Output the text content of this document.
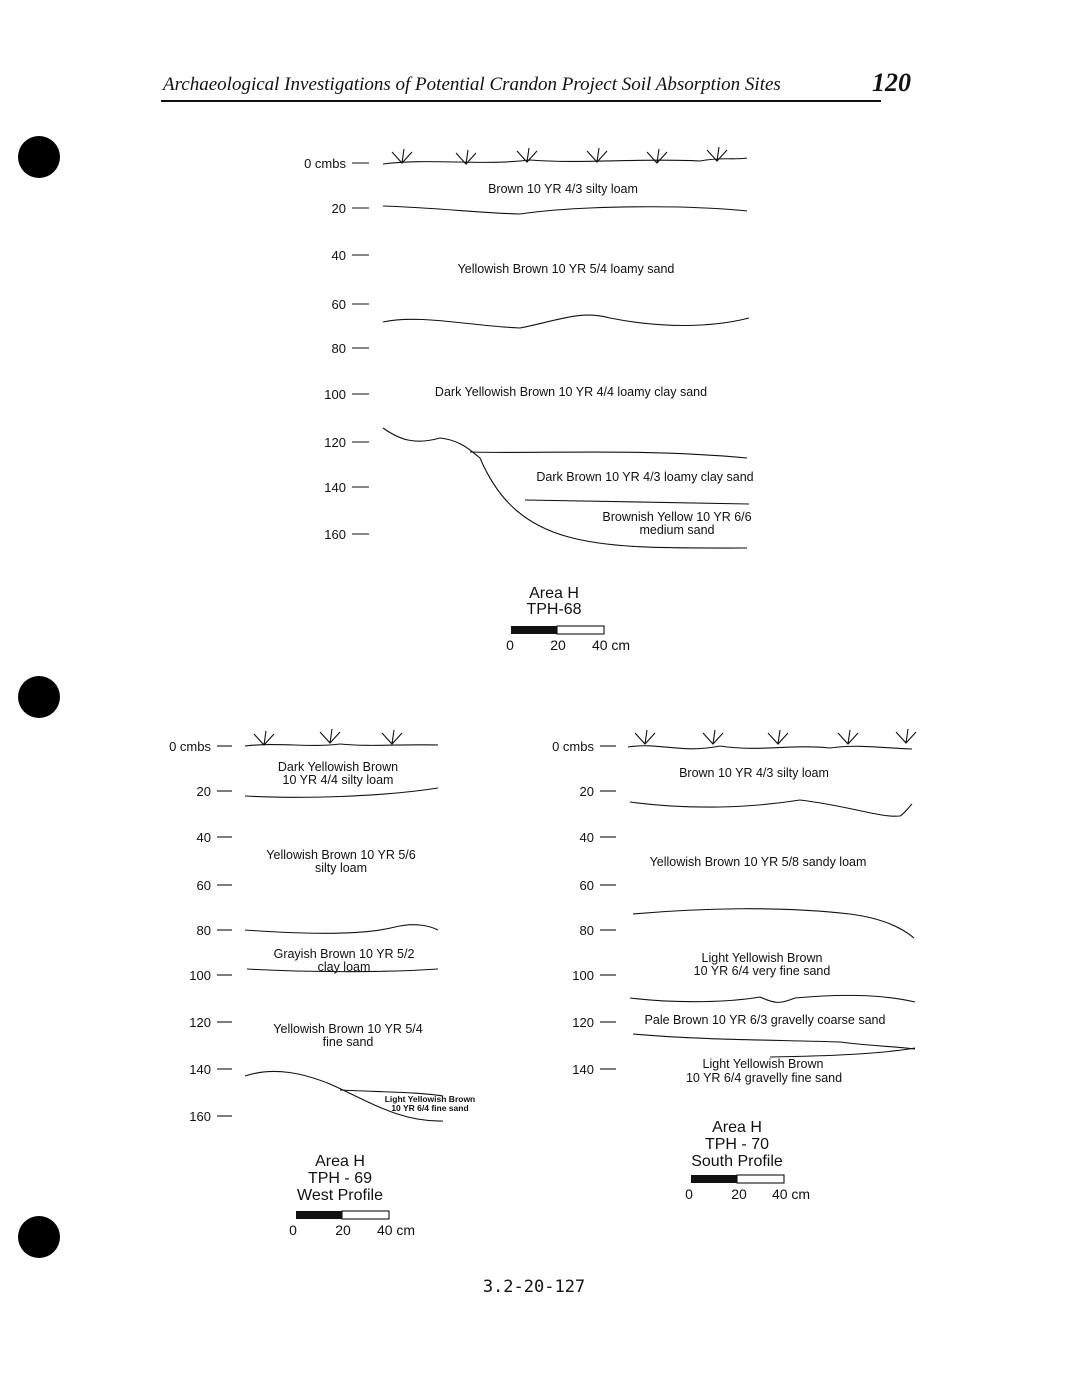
Archaeological Investigations of Potential Crandon Project Soil Absorption Sites	120
0 cmbs
20
40
60
80
100
120
140
160
Brown 10 YR 4/3 silty loam
Yellowish Brown 10 YR 5/4 loamy sand
Dark Yellowish Brown 10 YR 4/4 loamy clay sand
Dark Brown 10 YR 4/3 loamy clay sand
Brownish Yellow 10 YR 6/6
medium sand
Area H
TPH-68
0	20 40 cm
0 cmbs
20
40
60
80
100
120
140
160
Dark Yellowish Brown
10 YR 4/4 silty loam
Yellowish Brown 10 YR 5/6
silty loam
Grayish Brown 10 YR 5/2
clay loam
Yellowish Brown 10 YR 5/4
fine sand
Light Yellowish Brown
10 YR 6/4 fine sand
Area H
TPH - 69
West Profile
0	20 40 cm
0 cmbs
20
40
60
80
100
120
140
Brown 10 YR 4/3 silty loam
Yellowish Brown 10 YR 5/8 sandy loam
Light Yellowish Brown
10 YR 6/4 very fine sand
Pale Brown 10 YR 6/3 gravelly coarse sand
Light Yellowish Brown
10 YR 6/4 gravelly fine sand
Area H
TPH - 70
South Profile
0	20 40 cm
3.2-20-127
